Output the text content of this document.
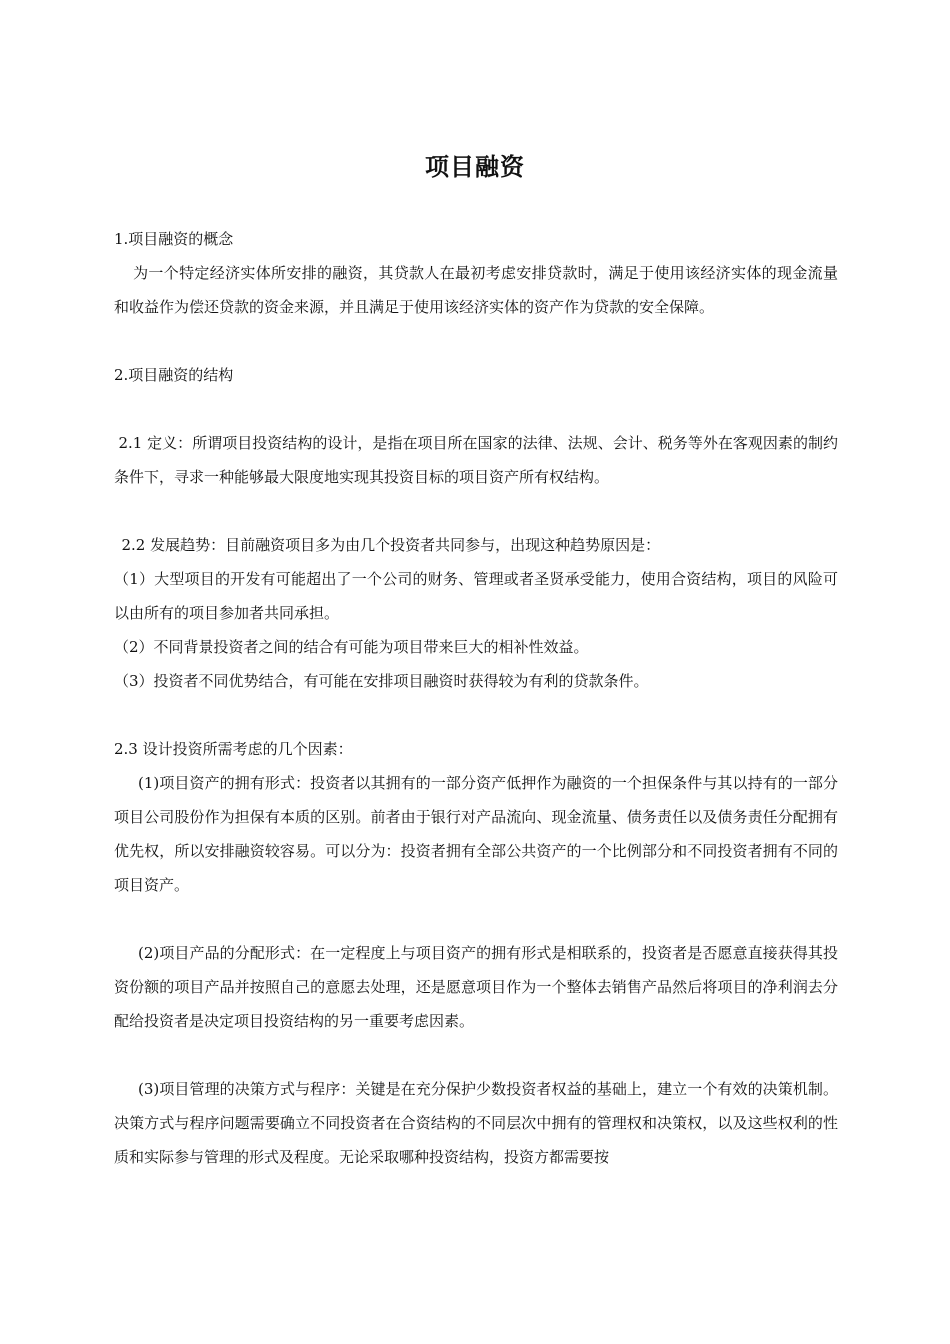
项目融资

1.项目融资的概念

为一个特定经济实体所安排的融资，其贷款人在最初考虑安排贷款时，满足于使用该经济实体的现金流量和收益作为偿还贷款的资金来源，并且满足于使用该经济实体的资产作为贷款的安全保障。

2.项目融资的结构

2.1 定义：所谓项目投资结构的设计，是指在项目所在国家的法律、法规、会计、税务等外在客观因素的制约条件下，寻求一种能够最大限度地实现其投资目标的项目资产所有权结构。

2.2 发展趋势：目前融资项目多为由几个投资者共同参与，出现这种趋势原因是：

（1）大型项目的开发有可能超出了一个公司的财务、管理或者圣贤承受能力，使用合资结构，项目的风险可以由所有的项目参加者共同承担。

（2）不同背景投资者之间的结合有可能为项目带来巨大的相补性效益。

（3）投资者不同优势结合，有可能在安排项目融资时获得较为有利的贷款条件。

2.3 设计投资所需考虑的几个因素：

(1)项目资产的拥有形式：投资者以其拥有的一部分资产低押作为融资的一个担保条件与其以持有的一部分项目公司股份作为担保有本质的区别。前者由于银行对产品流向、现金流量、债务责任以及债务责任分配拥有优先权，所以安排融资较容易。可以分为：投资者拥有全部公共资产的一个比例部分和不同投资者拥有不同的项目资产。

(2)项目产品的分配形式：在一定程度上与项目资产的拥有形式是相联系的，投资者是否愿意直接获得其投资份额的项目产品并按照自己的意愿去处理，还是愿意项目作为一个整体去销售产品然后将项目的净利润去分配给投资者是决定项目投资结构的另一重要考虑因素。

(3)项目管理的决策方式与程序：关键是在充分保护少数投资者权益的基础上，建立一个有效的决策机制。决策方式与程序问题需要确立不同投资者在合资结构的不同层次中拥有的管理权和决策权，以及这些权利的性质和实际参与管理的形式及程度。无论采取哪种投资结构，投资方都需要按
